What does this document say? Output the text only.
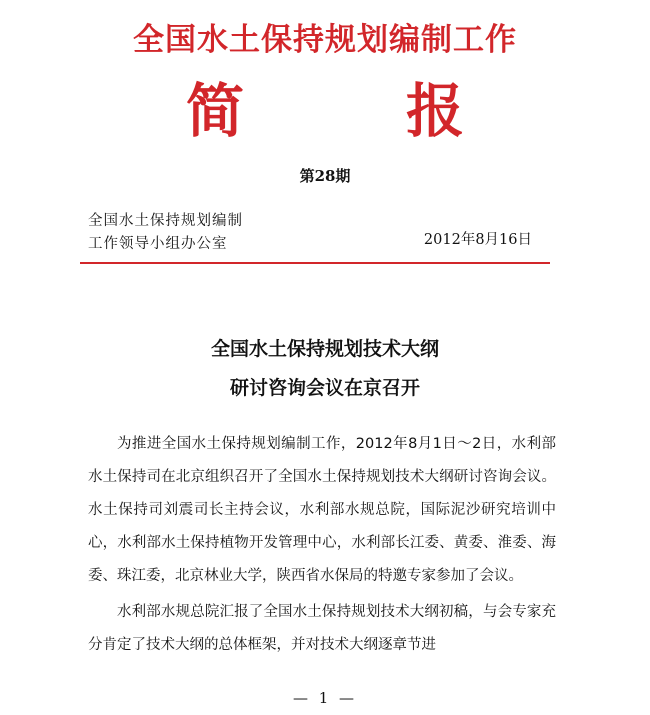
全国水土保持规划编制工作
简	报
第28期
全国水土保持规划编制
工作领导小组办公室	2012年8月16日
全国水土保持规划技术大纲
研讨咨询会议在京召开

为推进全国水土保持规划编制工作，2012年8月1日～2日，水利部水土保持司在北京组织召开了全国水土保持规划技术大纲研讨咨询会议。水土保持司刘震司长主持会议，水利部水规总院，国际泥沙研究培训中心，水利部水土保持植物开发管理中心，水利部长江委、黄委、淮委、海委、珠江委，北京林业大学，陕西省水保局的特邀专家参加了会议。

水利部水规总院汇报了全国水土保持规划技术大纲初稿，与会专家充分肯定了技术大纲的总体框架，并对技术大纲逐章节进

— 1 —
